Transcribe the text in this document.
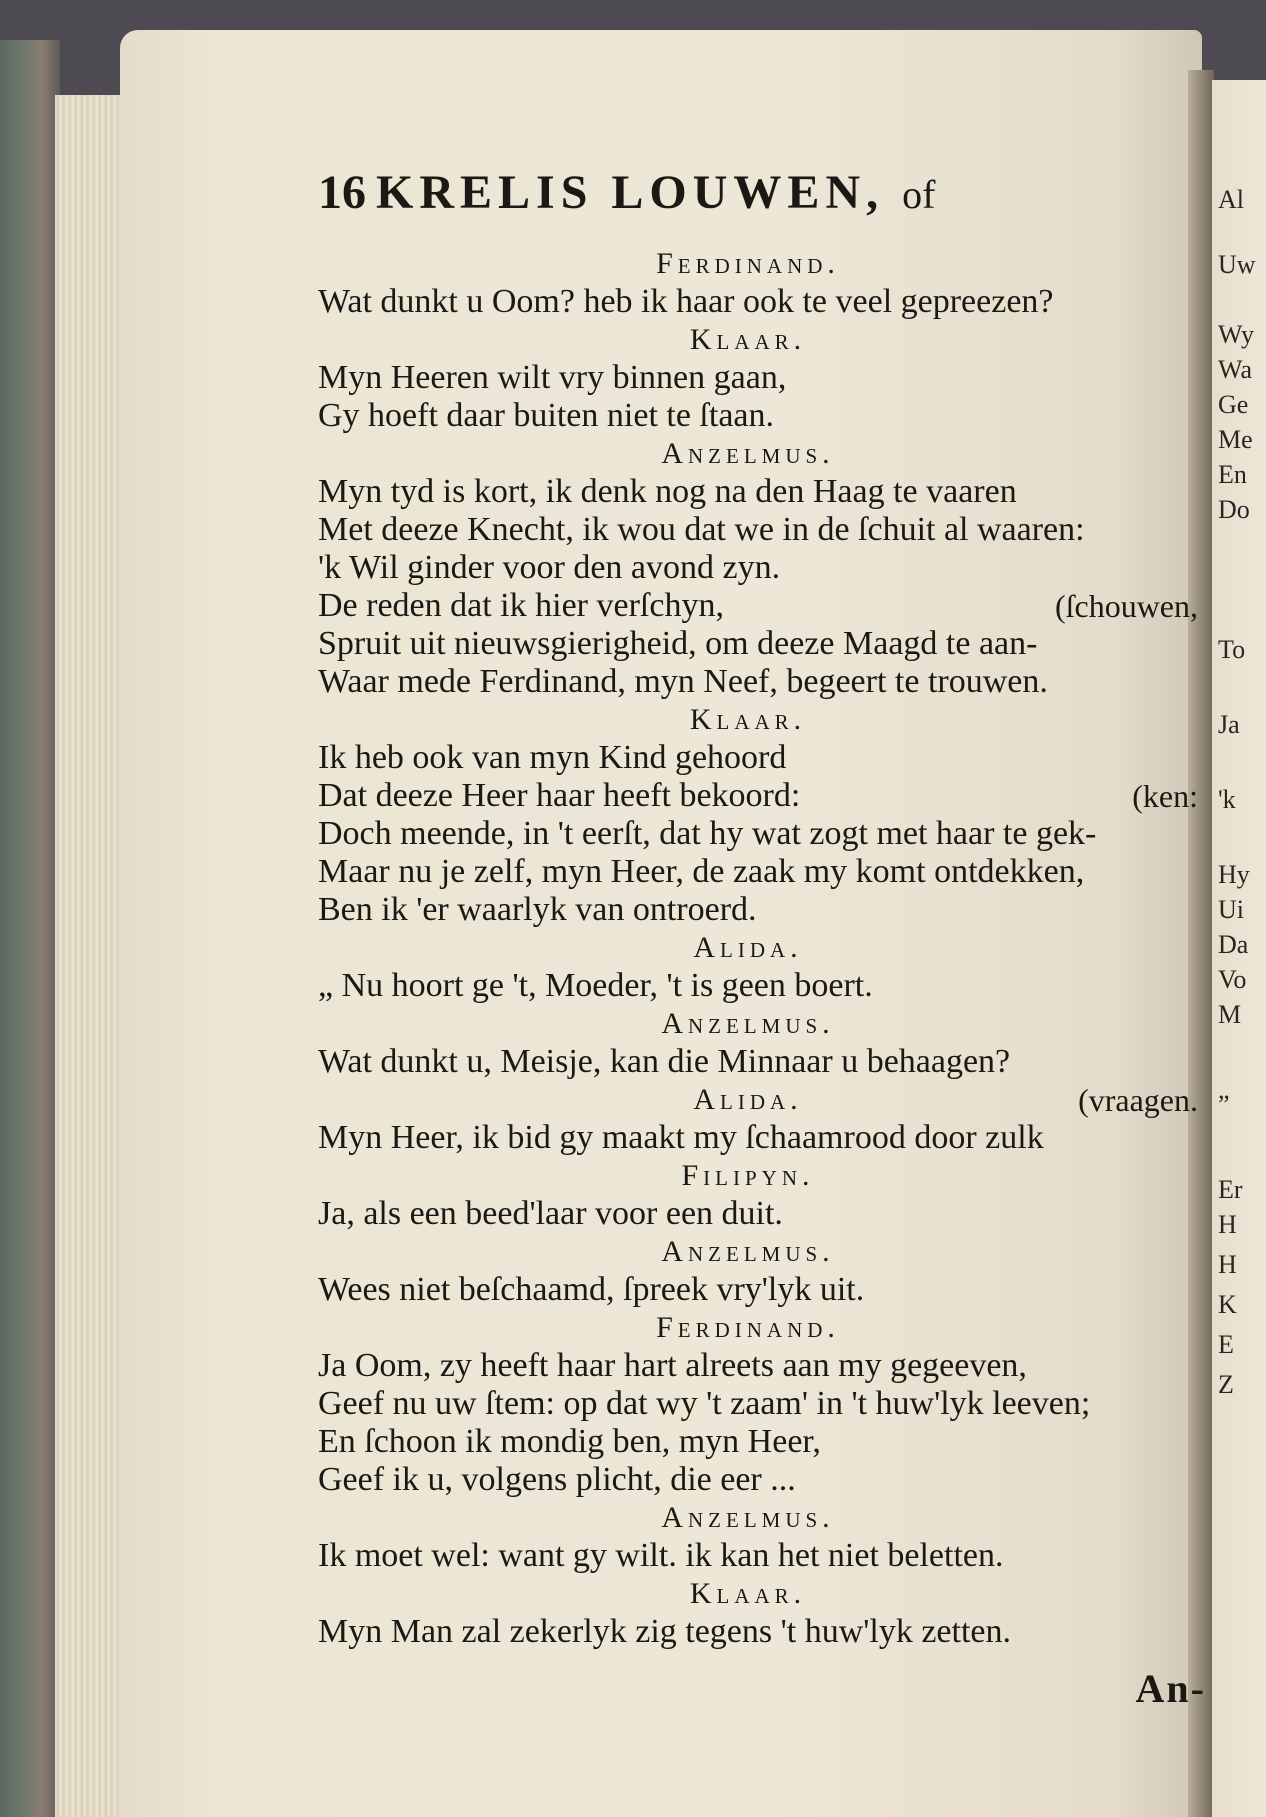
Al
Uw
Wy
Wa
Ge
Me
En
Do
To
Ja
'k
Hy
Ui
Da
Vo
M
„
Er
H
H
K
E
Z
16 KRELIS LOUWEN, of
Ferdinand.
Wat dunkt u Oom? heb ik haar ook te veel gepreezen?
Klaar.
Myn Heeren wilt vry binnen gaan,
Gy hoeft daar buiten niet te ſtaan.
Anzelmus.
Myn tyd is kort, ik denk nog na den Haag te vaaren
Met deeze Knecht, ik wou dat we in de ſchuit al waaren:
'k Wil ginder voor den avond zyn.
De reden dat ik hier verſchyn,	(ſchouwen,
Spruit uit nieuwsgierigheid, om deeze Maagd te aan-
Waar mede Ferdinand, myn Neef, begeert te trouwen.
Klaar.
Ik heb ook van myn Kind gehoord
Dat deeze Heer haar heeft bekoord:	(ken:
Doch meende, in 't eerſt, dat hy wat zogt met haar te gek-
Maar nu je zelf, myn Heer, de zaak my komt ontdekken,
Ben ik 'er waarlyk van ontroerd.
Alida.
„ Nu hoort ge 't, Moeder, 't is geen boert.
Anzelmus.
Wat dunkt u, Meisje, kan die Minnaar u behaagen?
Alida.	(vraagen.
Myn Heer, ik bid gy maakt my ſchaamrood door zulk
Filipyn.
Ja, als een beed'laar voor een duit.
Anzelmus.
Wees niet beſchaamd, ſpreek vry'lyk uit.
Ferdinand.
Ja Oom, zy heeft haar hart alreets aan my gegeeven,
Geef nu uw ſtem: op dat wy 't zaam' in 't huw'lyk leeven;
En ſchoon ik mondig ben, myn Heer,
Geef ik u, volgens plicht, die eer ...
Anzelmus.
Ik moet wel: want gy wilt. ik kan het niet beletten.
Klaar.
Myn Man zal zekerlyk zig tegens 't huw'lyk zetten.
An-
